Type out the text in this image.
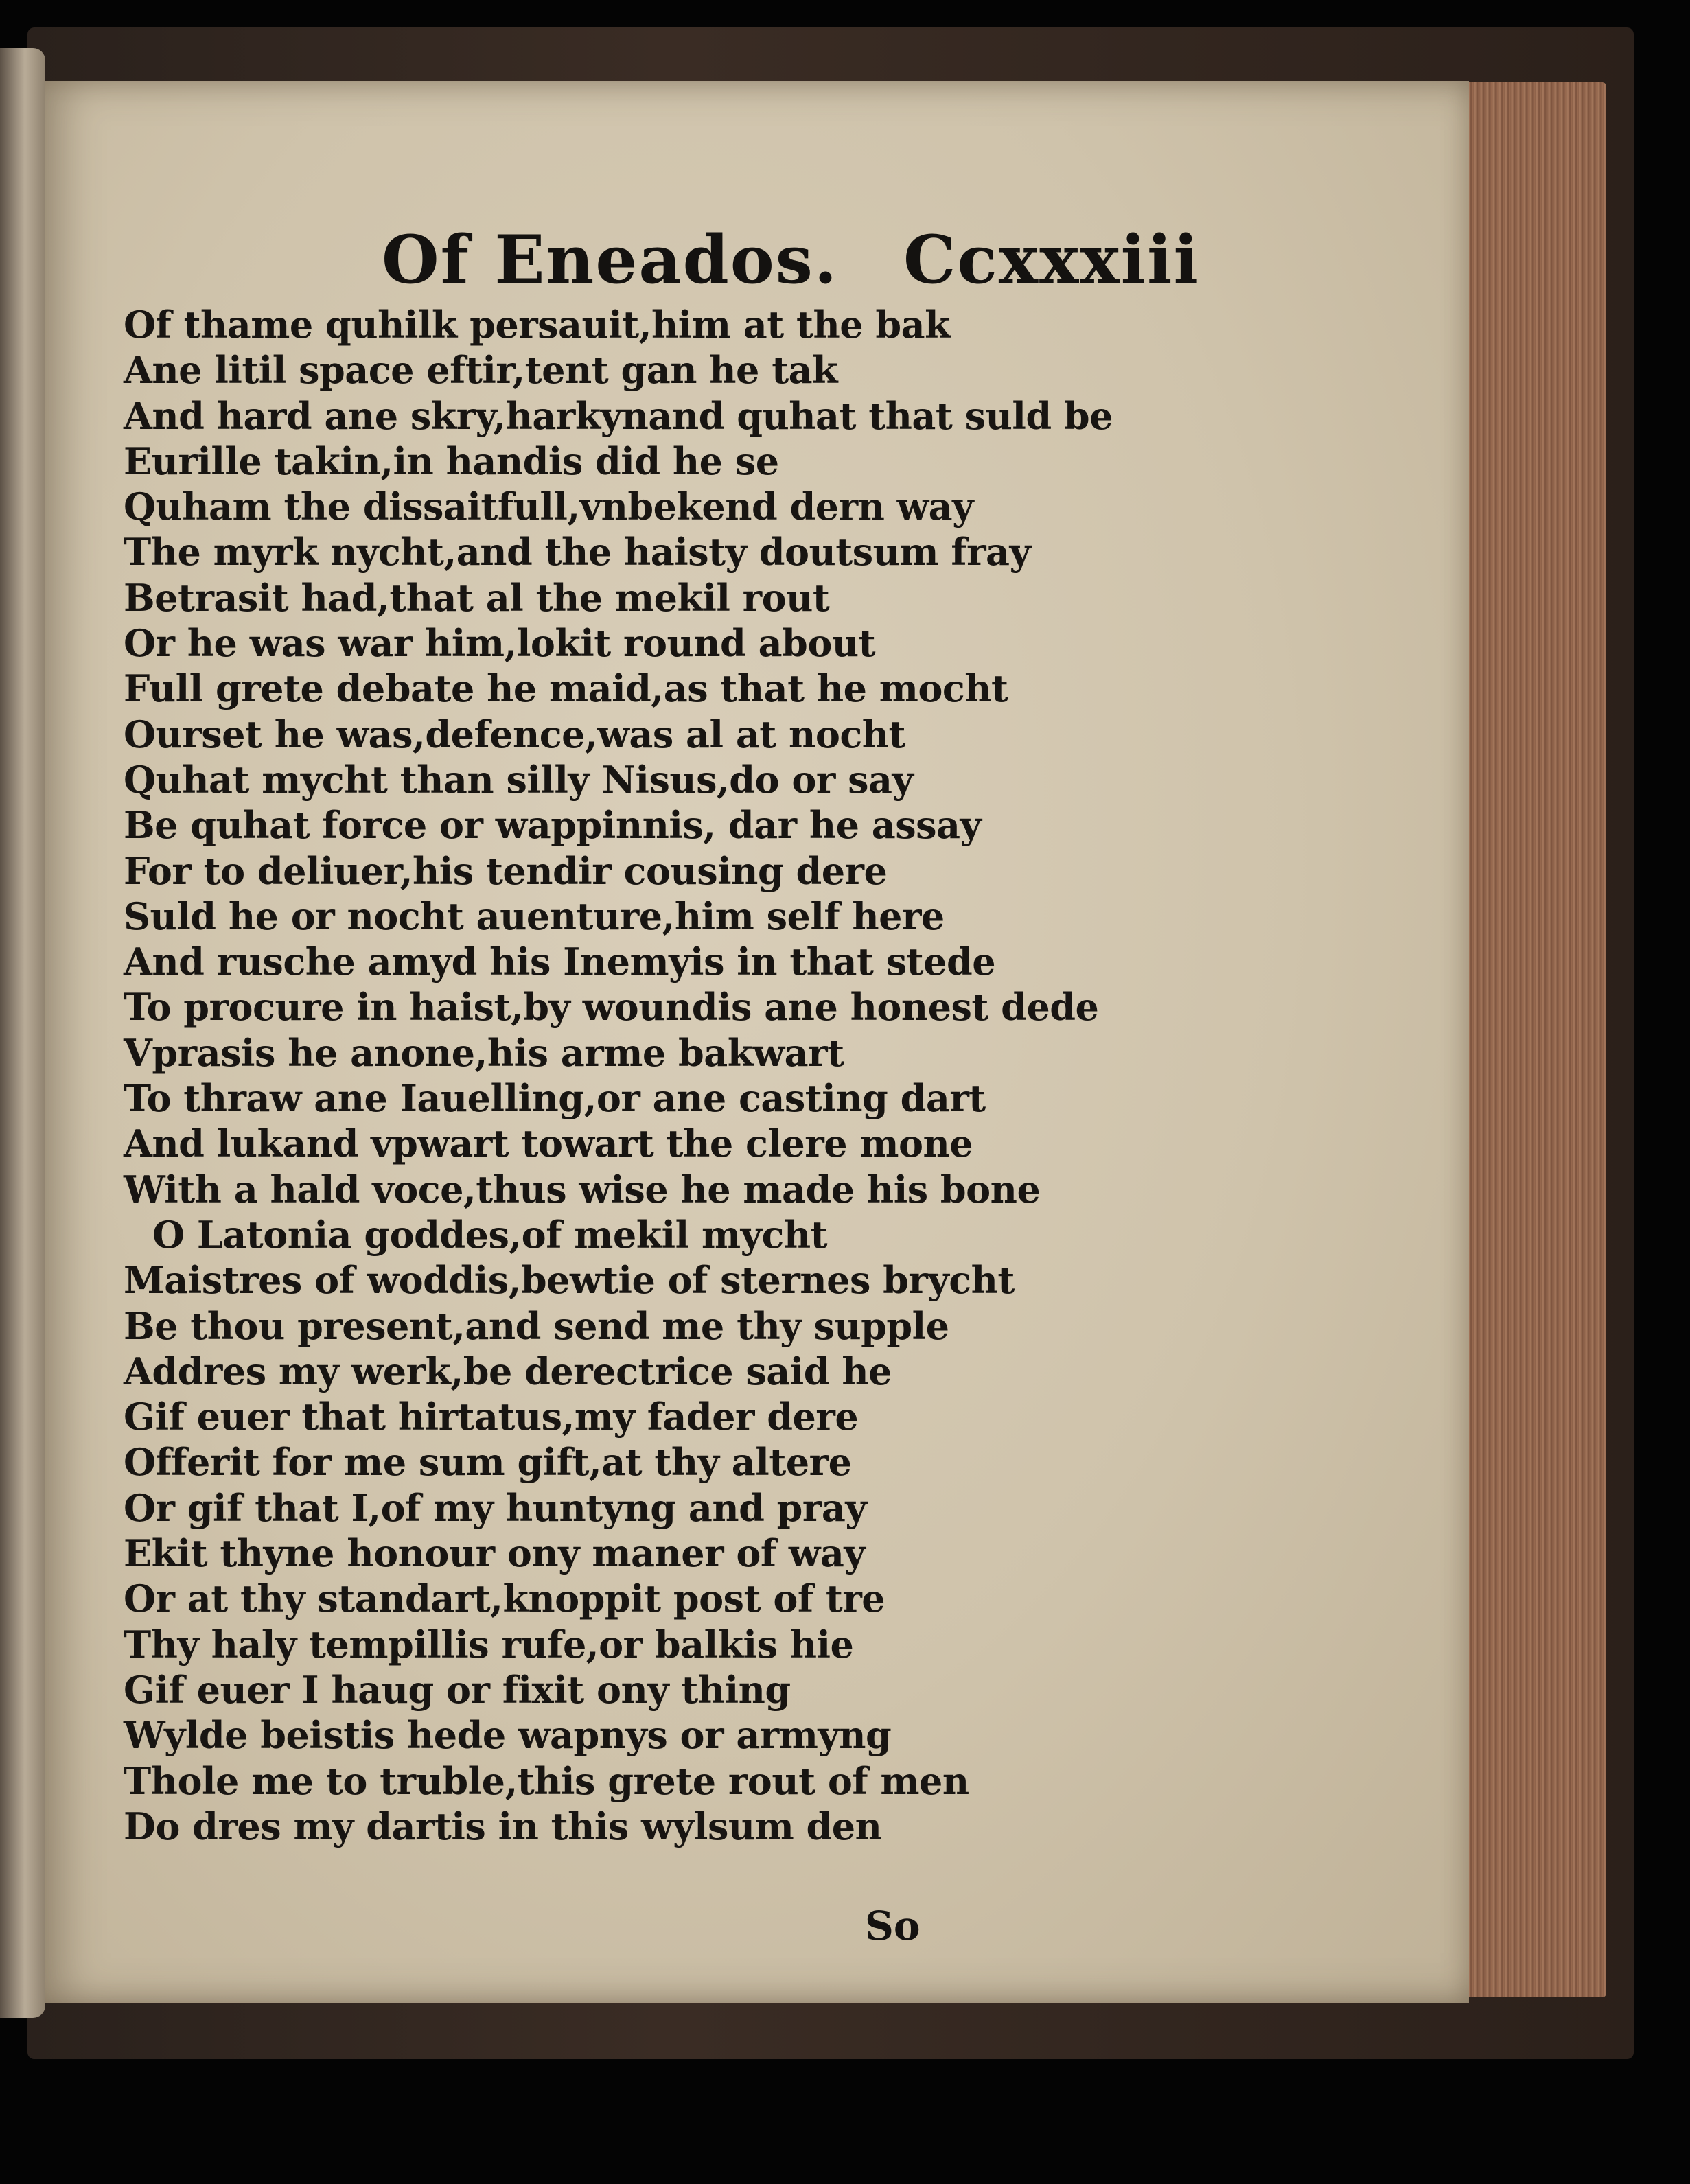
Of Eneados. Ccxxxiii
Of thame quhilk persauit,him at the bak
Ane litil space eftir,tent gan he tak
And hard ane skry,harkynand quhat that suld be
Eurille takin,in handis did he se
Quham the dissaitfull,vnbekend dern way
The myrk nycht,and the haisty doutsum fray
Betrasit had,that al the mekil rout
Or he was war him,lokit round about
Full grete debate he maid,as that he mocht
Ourset he was,defence,was al at nocht
Quhat mycht than silly Nisus,do or say
Be quhat force or wappinnis, dar he assay
For to deliuer,his tendir cousing dere
Suld he or nocht auenture,him self here
And rusche amyd his Inemyis in that stede
To procure in haist,by woundis ane honest dede
Vprasis he anone,his arme bakwart
To thraw ane Iauelling,or ane casting dart
And lukand vpwart towart the clere mone
With a hald voce,thus wise he made his bone
O Latonia goddes,of mekil mycht
Maistres of woddis,bewtie of sternes brycht
Be thou present,and send me thy supple
Addres my werk,be derectrice said he
Gif euer that hirtatus,my fader dere
Offerit for me sum gift,at thy altere
Or gif that I,of my huntyng and pray
Ekit thyne honour ony maner of way
Or at thy standart,knoppit post of tre
Thy haly tempillis rufe,or balkis hie
Gif euer I haug or fixit ony thing
Wylde beistis hede wapnys or armyng
Thole me to truble,this grete rout of men
Do dres my dartis in this wylsum den
So
